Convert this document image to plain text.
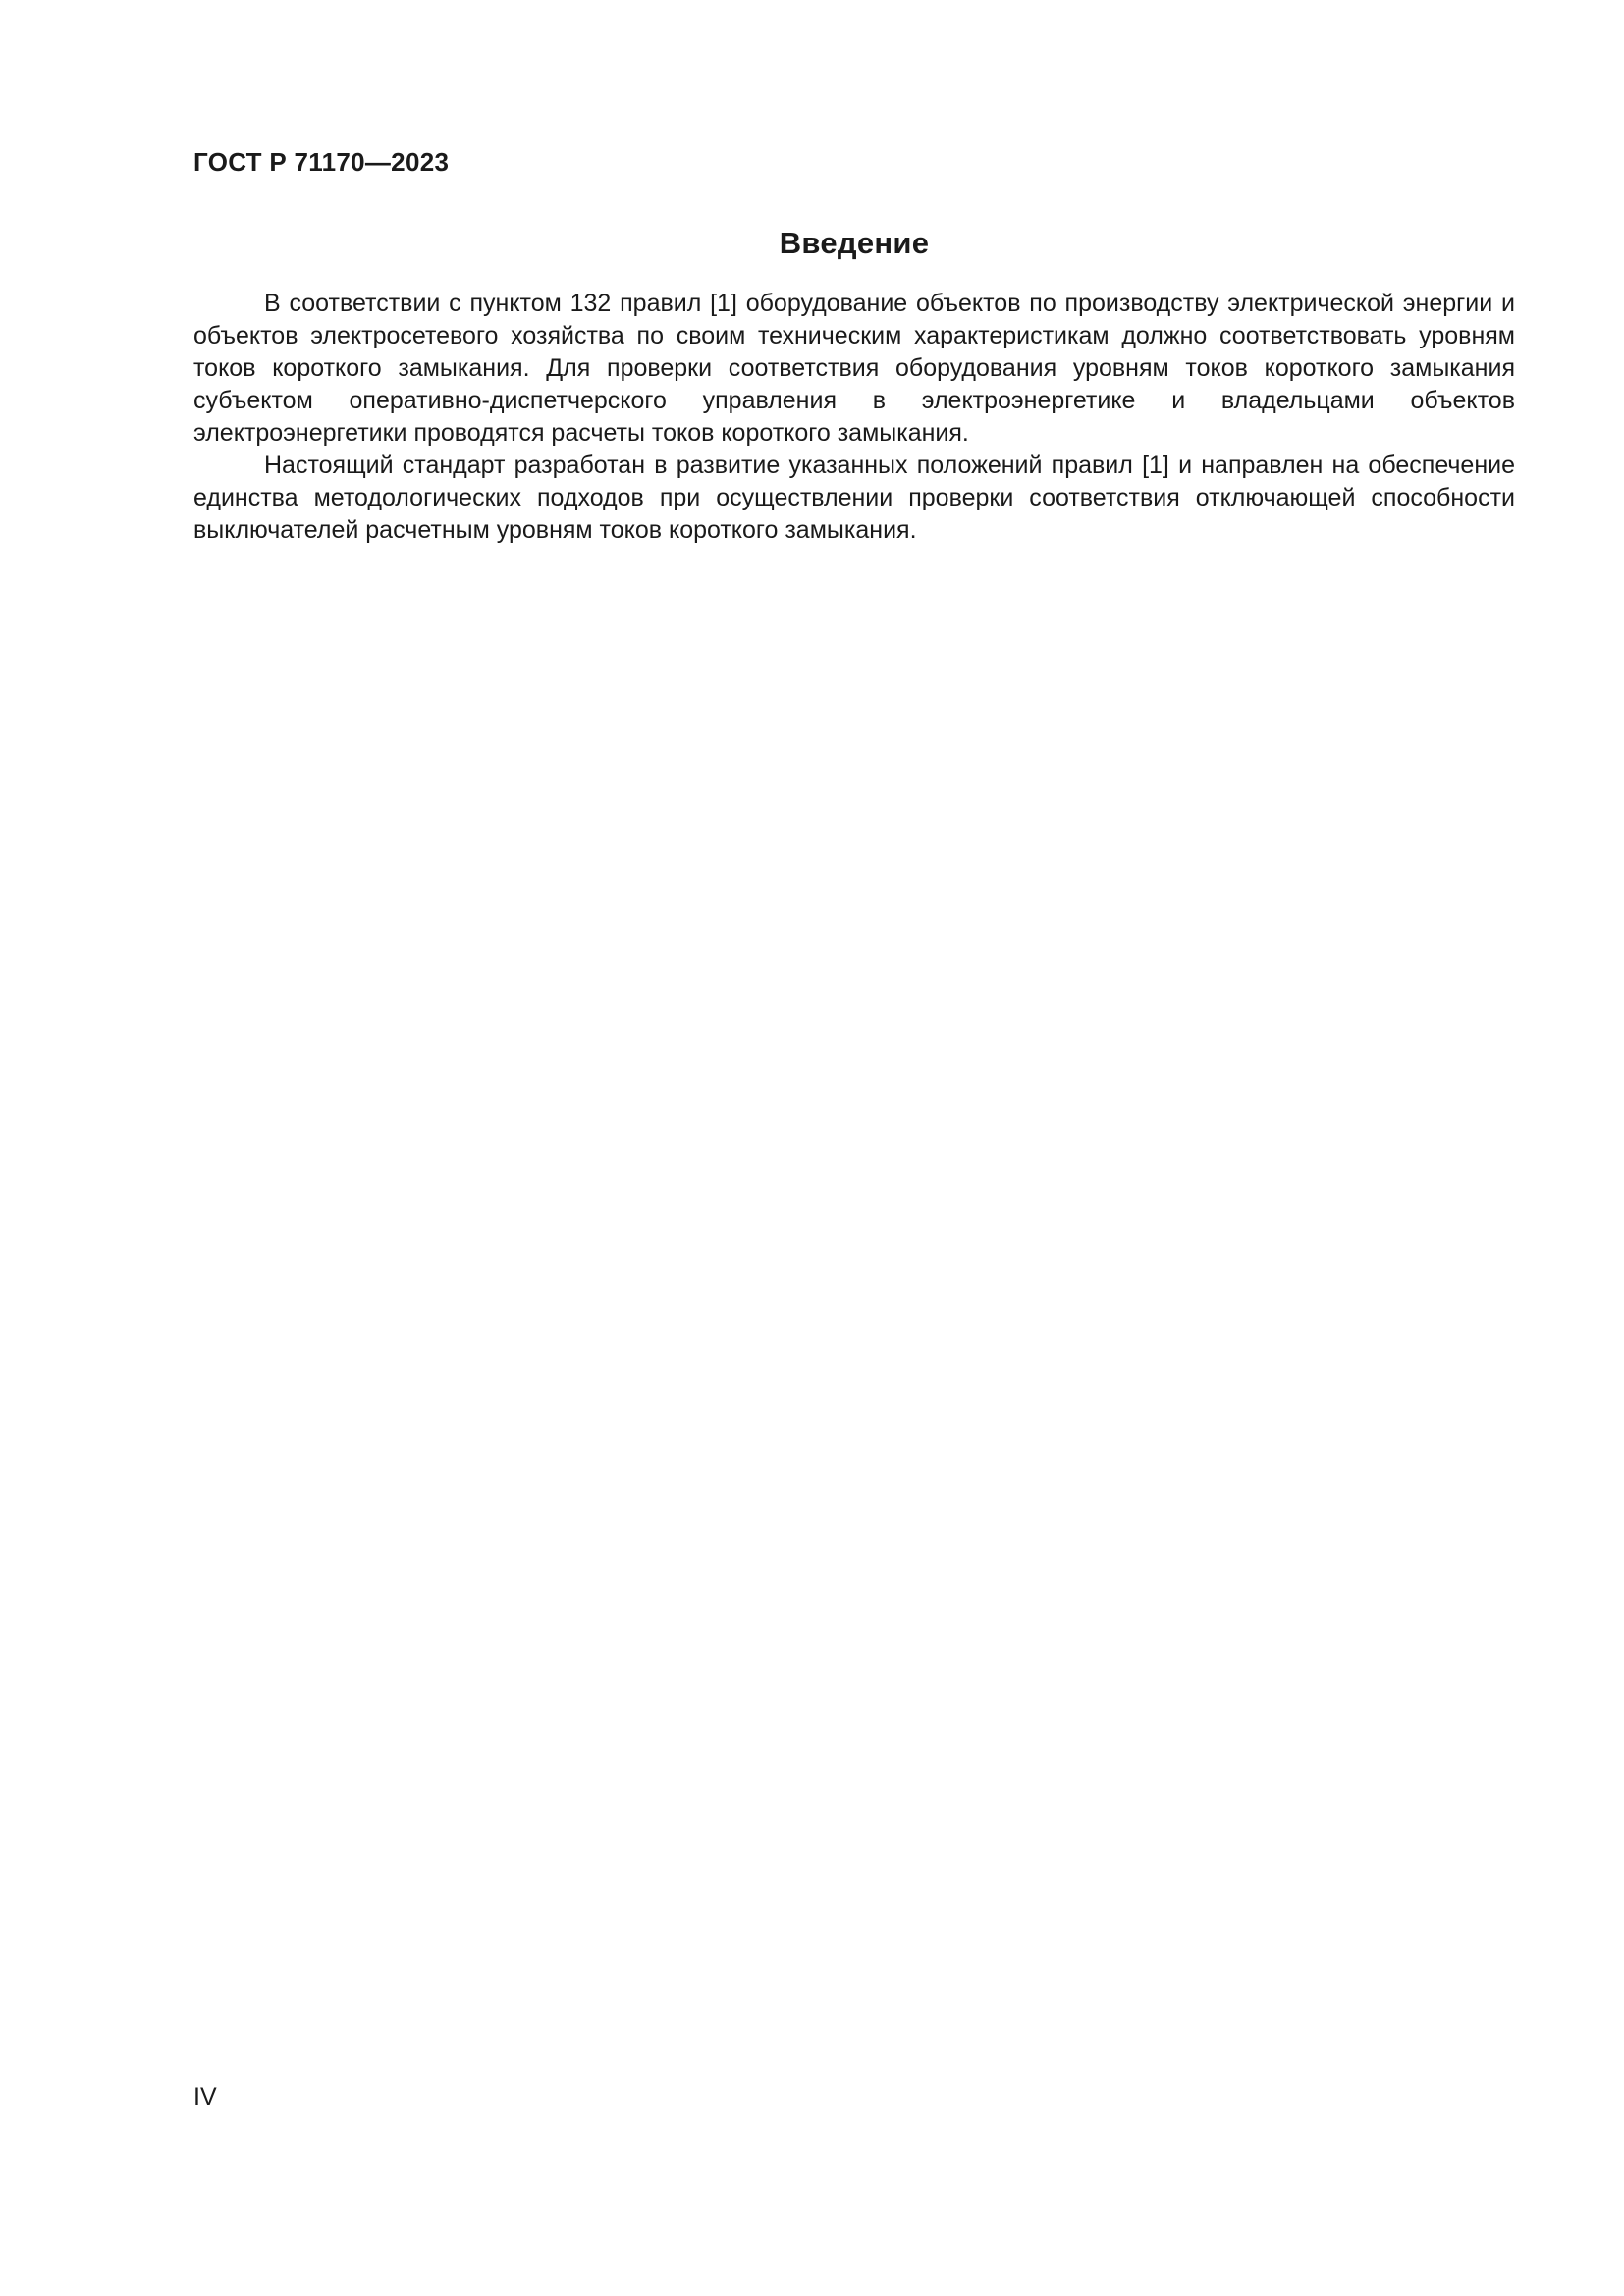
ГОСТ Р 71170—2023
Введение

В соответствии с пунктом 132 правил [1] оборудование объектов по производству электрической энергии и объектов электросетевого хозяйства по своим техническим характеристикам должно соответствовать уровням токов короткого замыкания. Для проверки соответствия оборудования уровням токов короткого замыкания субъектом оперативно-диспетчерского управления в электроэнергетике и владельцами объектов электроэнергетики проводятся расчеты токов короткого замыкания.

Настоящий стандарт разработан в развитие указанных положений правил [1] и направлен на обеспечение единства методологических подходов при осуществлении проверки соответствия отключающей способности выключателей расчетным уровням токов короткого замыкания.

IV
